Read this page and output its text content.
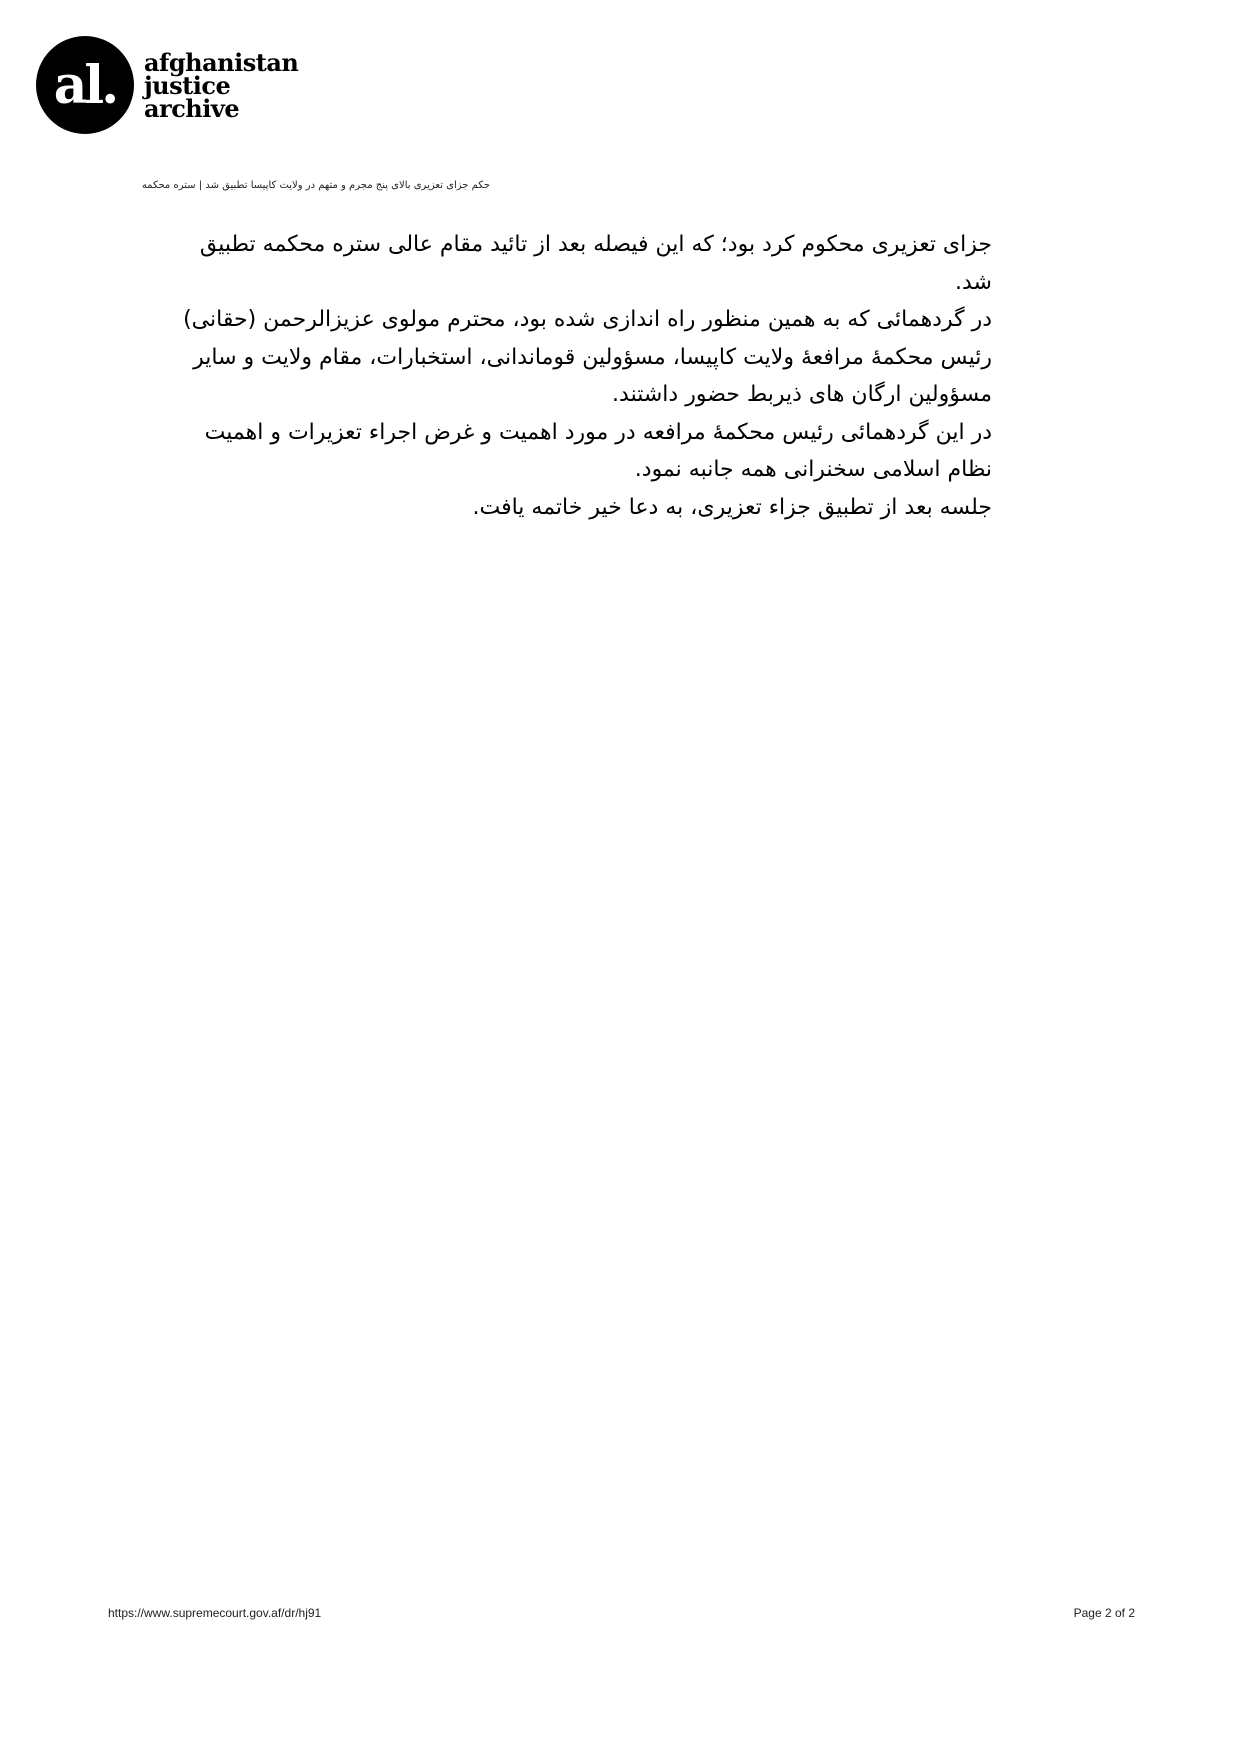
al.	afghanistan
justice
archive
حکم جزای تعزیری بالای پنج مجرم و متهم در ولایت کاپیسا تطبیق شد | ستره محکمه

جزای تعزیری محکوم کرد بود؛ که این فیصله بعد از تائید مقام عالی ستره محکمه تطبیق شد.

در گردهمائی که به همین منظور راه اندازی شده بود، محترم مولوی عزیزالرحمن (حقانی) رئیس محکمۀ مرافعۀ ولایت کاپیسا، مسؤولین قوماندانی، استخبارات، مقام ولایت و سایر مسؤولین ارگان های ذیربط حضور داشتند.

در این گردهمائی رئیس محکمۀ مرافعه در مورد اهمیت و غرض اجراء تعزیرات و اهمیت نظام اسلامی سخنرانی همه جانبه نمود.

جلسه بعد از تطبیق جزاء تعزیری، به دعا خیر خاتمه یافت.

https://www.supremecourt.gov.af/dr/hj91	Page 2 of 2
